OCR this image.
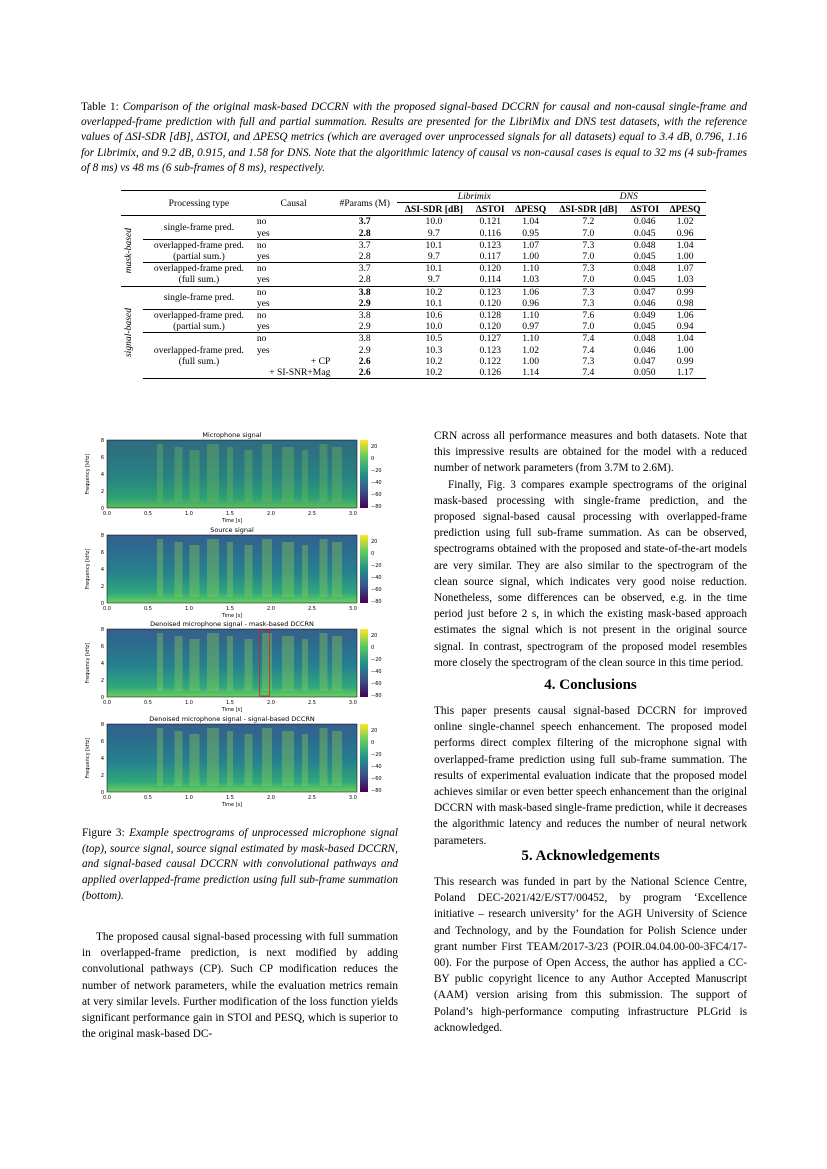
Table 1: Comparison of the original mask-based DCCRN with the proposed signal-based DCCRN for causal and non-causal single-frame and overlapped-frame prediction with full and partial summation. Results are presented for the LibriMix and DNS test datasets, with the reference values of ΔSI-SDR [dB], ΔSTOI, and ΔPESQ metrics (which are averaged over unprocessed signals for all datasets) equal to 3.4 dB, 0.796, 1.16 for Librimix, and 9.2 dB, 0.915, and 1.58 for DNS. Note that the algorithmic latency of causal vs non-causal cases is equal to 32 ms (4 sub-frames of 8 ms) vs 48 ms (6 sub-frames of 8 ms), respectively.
	Processing type	Causal	#Params (M)	Librimix			DNS		
				ΔSI-SDR [dB]	ΔSTOI	ΔPESQ	ΔSI-SDR [dB]	ΔSTOI	ΔPESQ

mask-based	single-frame pred.	no	3.7	10.0	0.121	1.04	7.2	0.046	1.02
		yes	2.8	9.7	0.116	0.95	7.0	0.045	0.96
	overlapped-frame pred.	no	3.7	10.1	0.123	1.07	7.3	0.048	1.04
	(partial sum.)	yes	2.8	9.7	0.117	1.00	7.0	0.045	1.00
	overlapped-frame pred.	no	3.7	10.1	0.120	1.10	7.3	0.048	1.07
	(full sum.)	yes	2.8	9.7	0.114	1.03	7.0	0.045	1.03

signal-based	single-frame pred.	no	3.8	10.2	0.123	1.06	7.3	0.047	0.99
		yes	2.9	10.1	0.120	0.96	7.3	0.046	0.98
	overlapped-frame pred.	no	3.8	10.6	0.128	1.10	7.6	0.049	1.06
	(partial sum.)	yes	2.9	10.0	0.120	0.97	7.0	0.045	0.94
		no	3.8	10.5	0.127	1.10	7.4	0.048	1.04
	overlapped-frame pred.	yes	2.9	10.3	0.123	1.02	7.4	0.046	1.00
	(full sum.)	+ CP	2.6	10.2	0.122	1.00	7.3	0.047	0.99
		+ SI-SNR+Mag	2.6	10.2	0.126	1.14	7.4	0.050	1.17
Microphone signal
20
0
−20
−40
−60
−80
0
2
4
6
8
Frequency [kHz]
0.0	0.5	1.0	1.5	2.0	2.5	3.0
Time [s]
Source signal
20
0
−20
−40
−60
−80
0
2
4
6
8
Frequency [kHz]
0.0	0.5	1.0	1.5	2.0	2.5	3.0
Time [s]
Denoised microphone signal - mask-based DCCRN
20
0
−20
−40
−60
−80
0
2
4
6
8
Frequency [kHz]
0.0	0.5	1.0	1.5	2.0	2.5	3.0
Time [s]
Denoised microphone signal - signal-based DCCRN
20
0
−20
−40
−60
−80
0
2
4
6
8
Frequency [kHz]
0.0	0.5	1.0	1.5	2.0	2.5	3.0
Time [s]
Figure 3: Example spectrograms of unprocessed microphone signal (top), source signal, source signal estimated by mask-based DCCRN, and signal-based causal DCCRN with convolutional pathways and applied overlapped-frame prediction using full sub-frame summation (bottom).

The proposed causal signal-based processing with full summation in overlapped-frame prediction, is next modified by adding convolutional pathways (CP). Such CP modification reduces the number of network parameters, while the evaluation metrics remain at very similar levels. Further modification of the loss function yields significant performance gain in STOI and PESQ, which is superior to the original mask-based DC-

CRN across all performance measures and both datasets. Note that this impressive results are obtained for the model with a reduced number of network parameters (from 3.7M to 2.6M).

Finally, Fig. 3 compares example spectrograms of the original mask-based processing with single-frame prediction, and the proposed signal-based causal processing with overlapped-frame prediction using full sub-frame summation. As can be observed, spectrograms obtained with the proposed and state-of-the-art models are very similar. They are also similar to the spectrogram of the clean source signal, which indicates very good noise reduction. Nonetheless, some differences can be observed, e.g. in the time period just before 2 s, in which the existing mask-based approach estimates the signal which is not present in the original source signal. In contrast, spectrogram of the proposed model resembles more closely the spectrogram of the clean source in this time period.

4. Conclusions

This paper presents causal signal-based DCCRN for improved online single-channel speech enhancement. The proposed model performs direct complex filtering of the microphone signal with overlapped-frame prediction using full sub-frame summation. The results of experimental evaluation indicate that the proposed model achieves similar or even better speech enhancement than the original DCCRN with mask-based single-frame prediction, while it decreases the algorithmic latency and reduces the number of neural network parameters.

5. Acknowledgements

This research was funded in part by the National Science Centre, Poland DEC-2021/42/E/ST7/00452, by program ‘Excellence initiative – research university’ for the AGH University of Science and Technology, and by the Foundation for Polish Science under grant number First TEAM/2017-3/23 (POIR.04.04.00-00-3FC4/17-00). For the purpose of Open Access, the author has applied a CC-BY public copyright licence to any Author Accepted Manuscript (AAM) version arising from this submission. The support of Poland’s high-performance computing infrastructure PLGrid is acknowledged.
